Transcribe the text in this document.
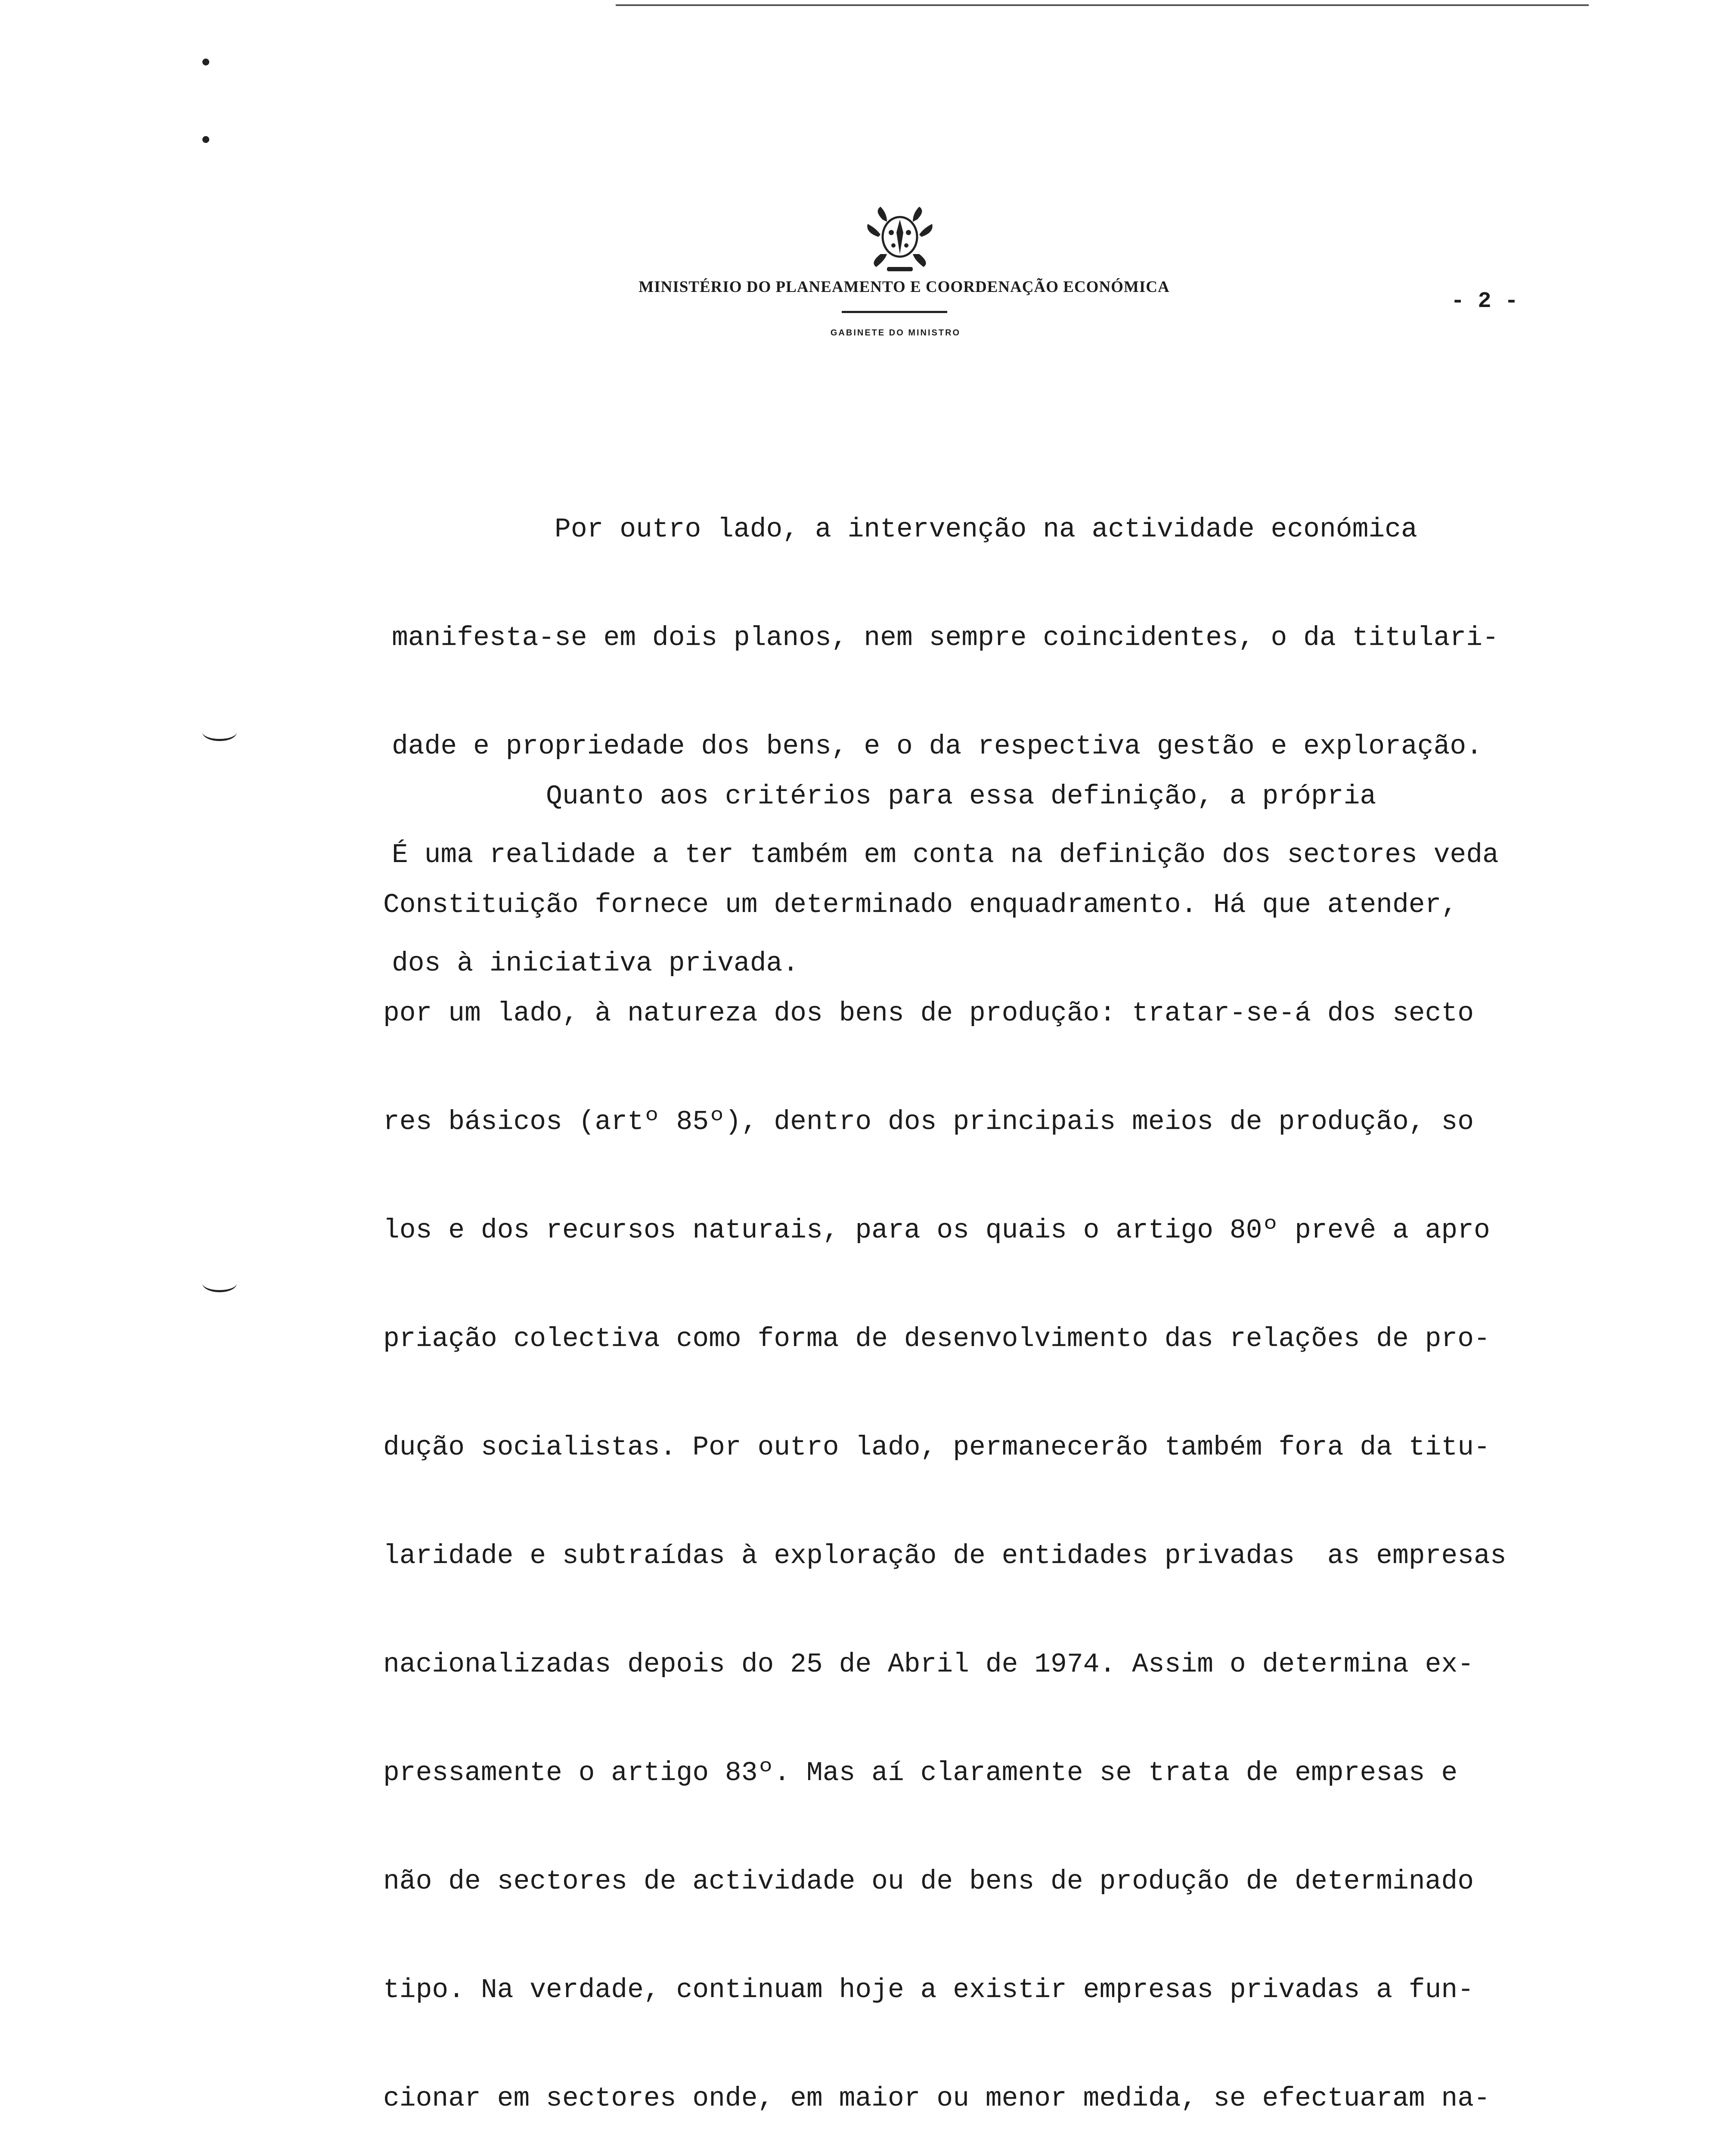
MINISTÉRIO DO PLANEAMENTO E COORDENAÇÃO ECONÓMICA
GABINETE DO MINISTRO
- 2 -

Por outro lado, a intervenção na actividade económica

manifesta-se em dois planos, nem sempre coincidentes, o da titulari-

dade e propriedade dos bens, e o da respectiva gestão e exploração.

É uma realidade a ter também em conta na definição dos sectores veda

dos à iniciativa privada.

Quanto aos critérios para essa definição, a própria

Constituição fornece um determinado enquadramento. Há que atender,

por um lado, à natureza dos bens de produção: tratar-se-á dos secto

res básicos (artº 85º), dentro dos principais meios de produção, so

los e dos recursos naturais, para os quais o artigo 80º prevê a apro

priação colectiva como forma de desenvolvimento das relações de pro-

dução socialistas. Por outro lado, permanecerão também fora da titu-

laridade e subtraídas à exploração de entidades privadas  as empresas

nacionalizadas depois do 25 de Abril de 1974. Assim o determina ex-

pressamente o artigo 83º. Mas aí claramente se trata de empresas e

não de sectores de actividade ou de bens de produção de determinado

tipo. Na verdade, continuam hoje a existir empresas privadas a fun-

cionar em sectores onde, em maior ou menor medida, se efectuaram na-
